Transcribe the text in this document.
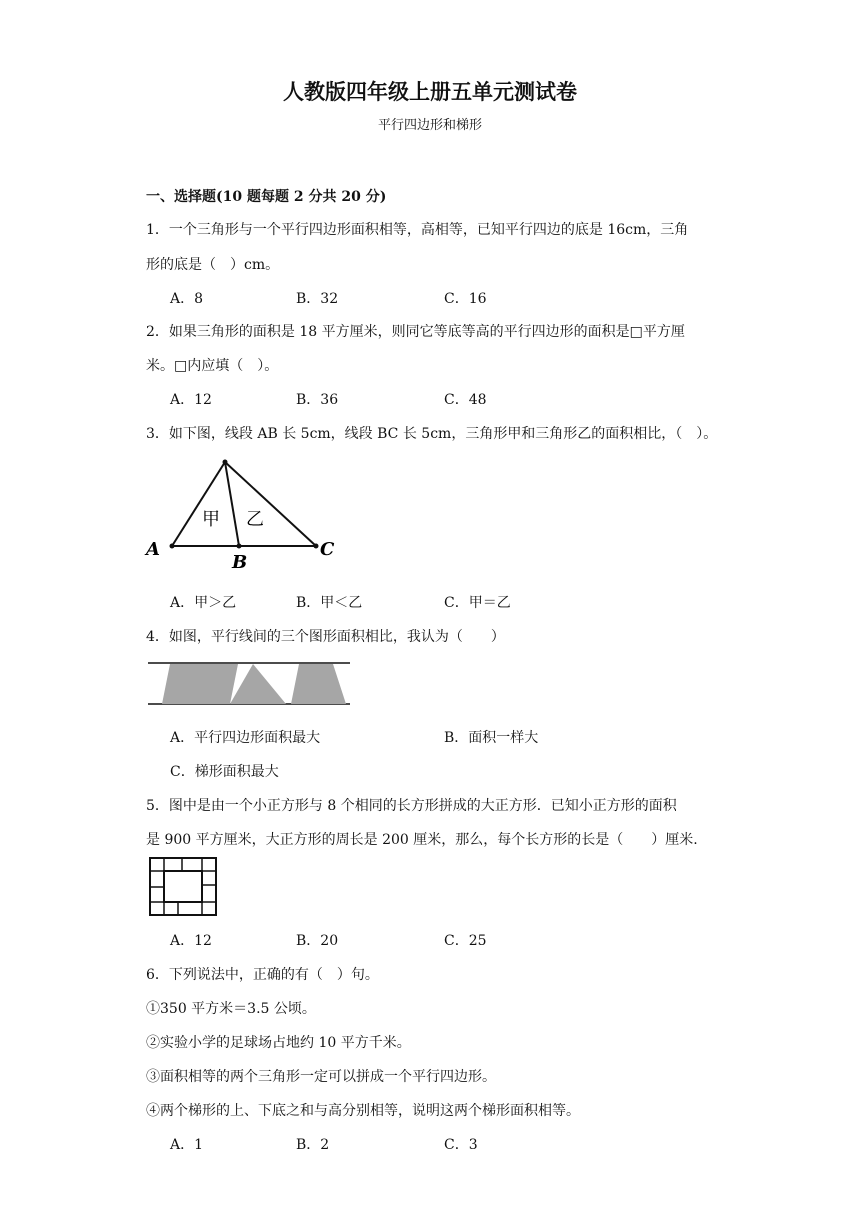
人教版四年级上册五单元测试卷
平行四边形和梯形
一、选择题(10 题每题 2 分共 20 分)
1．一个三角形与一个平行四边形面积相等，高相等，已知平行四边的底是 16cm，三角
形的底是（　）cm。
A．8	B．32	C．16
2．如果三角形的面积是 18 平方厘米，则同它等底等高的平行四边形的面积是□平方厘
米。□内应填（　）。
A．12	B．36	C．48
3．如下图，线段 AB 长 5cm，线段 BC 长 5cm，三角形甲和三角形乙的面积相比，（　）。
甲 乙
A
B
C
A．甲＞乙	B．甲＜乙	C．甲＝乙
4．如图，平行线间的三个图形面积相比，我认为（　　）
A．平行四边形面积最大	B．面积一样大
C．梯形面积最大
5．图中是由一个小正方形与 8 个相同的长方形拼成的大正方形．已知小正方形的面积
是 900 平方厘米，大正方形的周长是 200 厘米，那么，每个长方形的长是（　　）厘米.
A．12	B．20	C．25
6．下列说法中，正确的有（　）句。
①350 平方米＝3.5 公顷。
②实验小学的足球场占地约 10 平方千米。
③面积相等的两个三角形一定可以拼成一个平行四边形。
④两个梯形的上、下底之和与高分别相等，说明这两个梯形面积相等。
A．1	B．2	C．3
